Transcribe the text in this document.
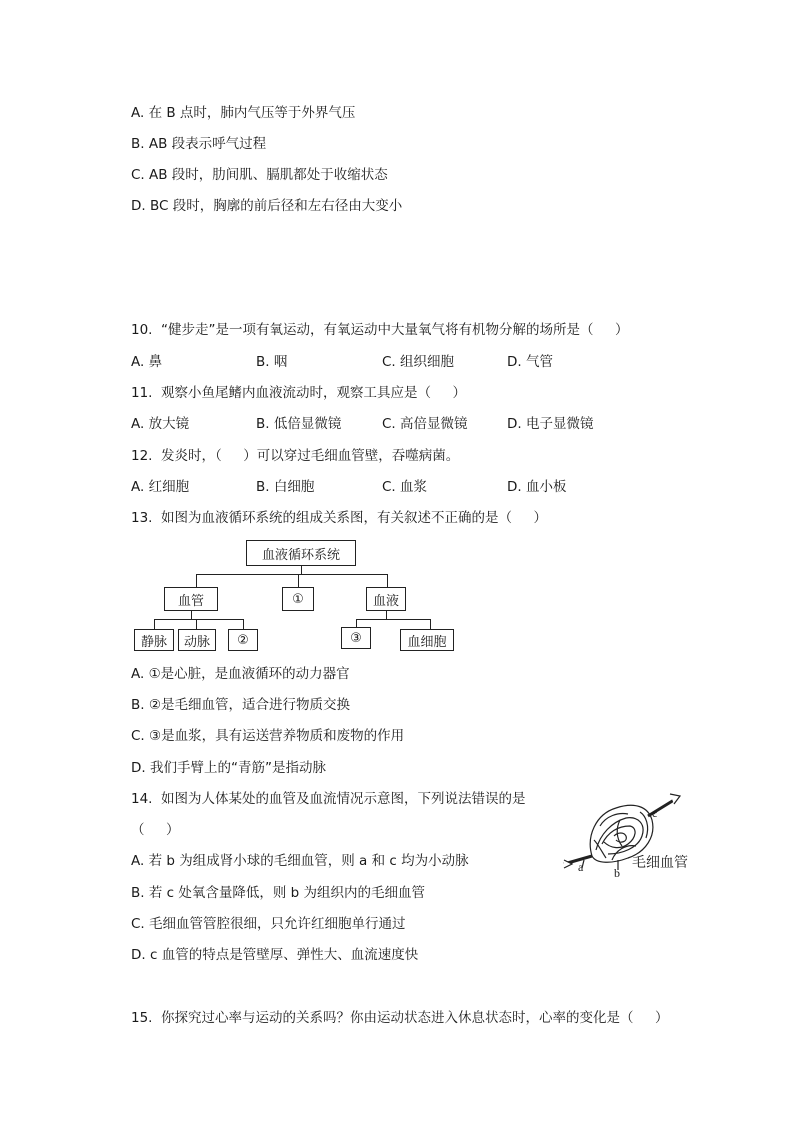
A. 在 B 点时，肺内气压等于外界气压
B. AB 段表示呼气过程
C. AB 段时，肋间肌、膈肌都处于收缩状态
D. BC 段时，胸廓的前后径和左右径由大变小
10.  “健步走”是一项有氧运动，有氧运动中大量氧气将有机物分解的场所是（     ）
A. 鼻	B. 咽	C. 组织细胞	D. 气管
11.  观察小鱼尾鳍内血液流动时，观察工具应是（     ）
A. 放大镜	B. 低倍显微镜	C. 高倍显微镜	D. 电子显微镜
12.  发炎时，（     ）可以穿过毛细血管壁，吞噬病菌。
A. 红细胞	B. 白细胞	C. 血浆	D. 血小板
13.  如图为血液循环系统的组成关系图，有关叙述不正确的是（     ）
血液循环系统
血管	①	血液
静脉	动脉	②	③	血细胞
A. ①是心脏，是血液循环的动力器官
B. ②是毛细血管，适合进行物质交换
C. ③是血浆，具有运送营养物质和废物的作用
D. 我们手臂上的“青筋”是指动脉
14.  如图为人体某处的血管及血流情况示意图，下列说法错误的是
（     ）
A. 若 b 为组成肾小球的毛细血管，则 a 和 c 均为小动脉
B. 若 c 处氧含量降低，则 b 为组织内的毛细血管
C. 毛细血管管腔很细，只允许红细胞单行通过
D. c 血管的特点是管壁厚、弹性大、血流速度快
a	b
c
毛细血管
15.  你探究过心率与运动的关系吗？你由运动状态进入休息状态时，心率的变化是（     ）
